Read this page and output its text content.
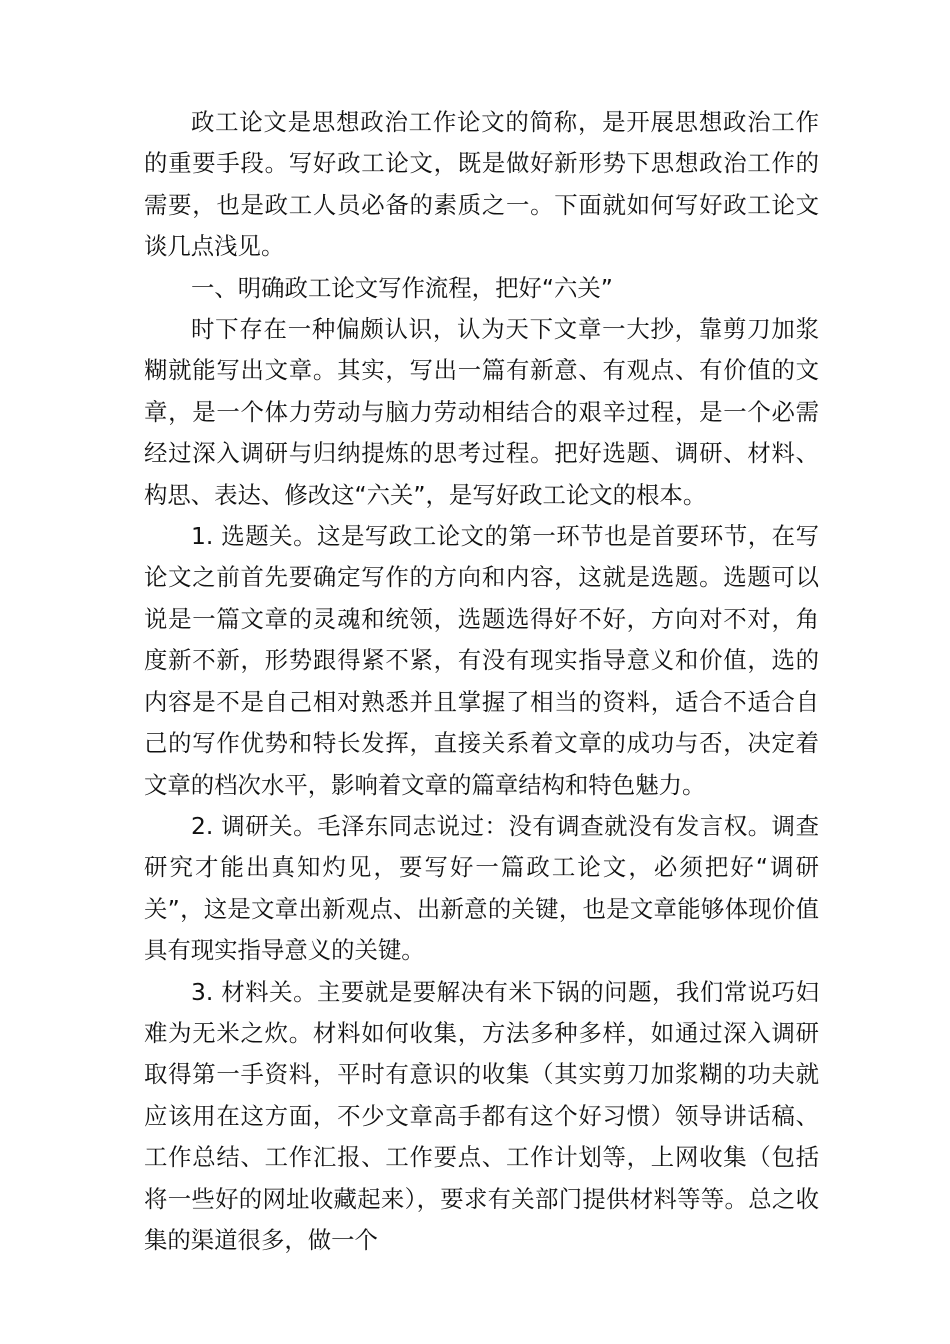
政工论文是思想政治工作论文的简称，是开展思想政治工作的重要手段。写好政工论文，既是做好新形势下思想政治工作的需要，也是政工人员必备的素质之一。下面就如何写好政工论文谈几点浅见。

一、明确政工论文写作流程，把好“六关”

时下存在一种偏颇认识，认为天下文章一大抄，靠剪刀加浆糊就能写出文章。其实，写出一篇有新意、有观点、有价值的文章，是一个体力劳动与脑力劳动相结合的艰辛过程，是一个必需经过深入调研与归纳提炼的思考过程。把好选题、调研、材料、构思、表达、修改这“六关”，是写好政工论文的根本。

1. 选题关。这是写政工论文的第一环节也是首要环节，在写论文之前首先要确定写作的方向和内容，这就是选题。选题可以说是一篇文章的灵魂和统领，选题选得好不好，方向对不对，角度新不新，形势跟得紧不紧，有没有现实指导意义和价值，选的内容是不是自己相对熟悉并且掌握了相当的资料，适合不适合自己的写作优势和特长发挥，直接关系着文章的成功与否，决定着文章的档次水平，影响着文章的篇章结构和特色魅力。

2. 调研关。毛泽东同志说过：没有调查就没有发言权。调查研究才能出真知灼见，要写好一篇政工论文，必须把好“调研关”，这是文章出新观点、出新意的关键，也是文章能够体现价值具有现实指导意义的关键。

3. 材料关。主要就是要解决有米下锅的问题，我们常说巧妇难为无米之炊。材料如何收集，方法多种多样，如通过深入调研取得第一手资料，平时有意识的收集（其实剪刀加浆糊的功夫就应该用在这方面，不少文章高手都有这个好习惯）领导讲话稿、工作总结、工作汇报、工作要点、工作计划等，上网收集（包括将一些好的网址收藏起来），要求有关部门提供材料等等。总之收集的渠道很多，做一个
